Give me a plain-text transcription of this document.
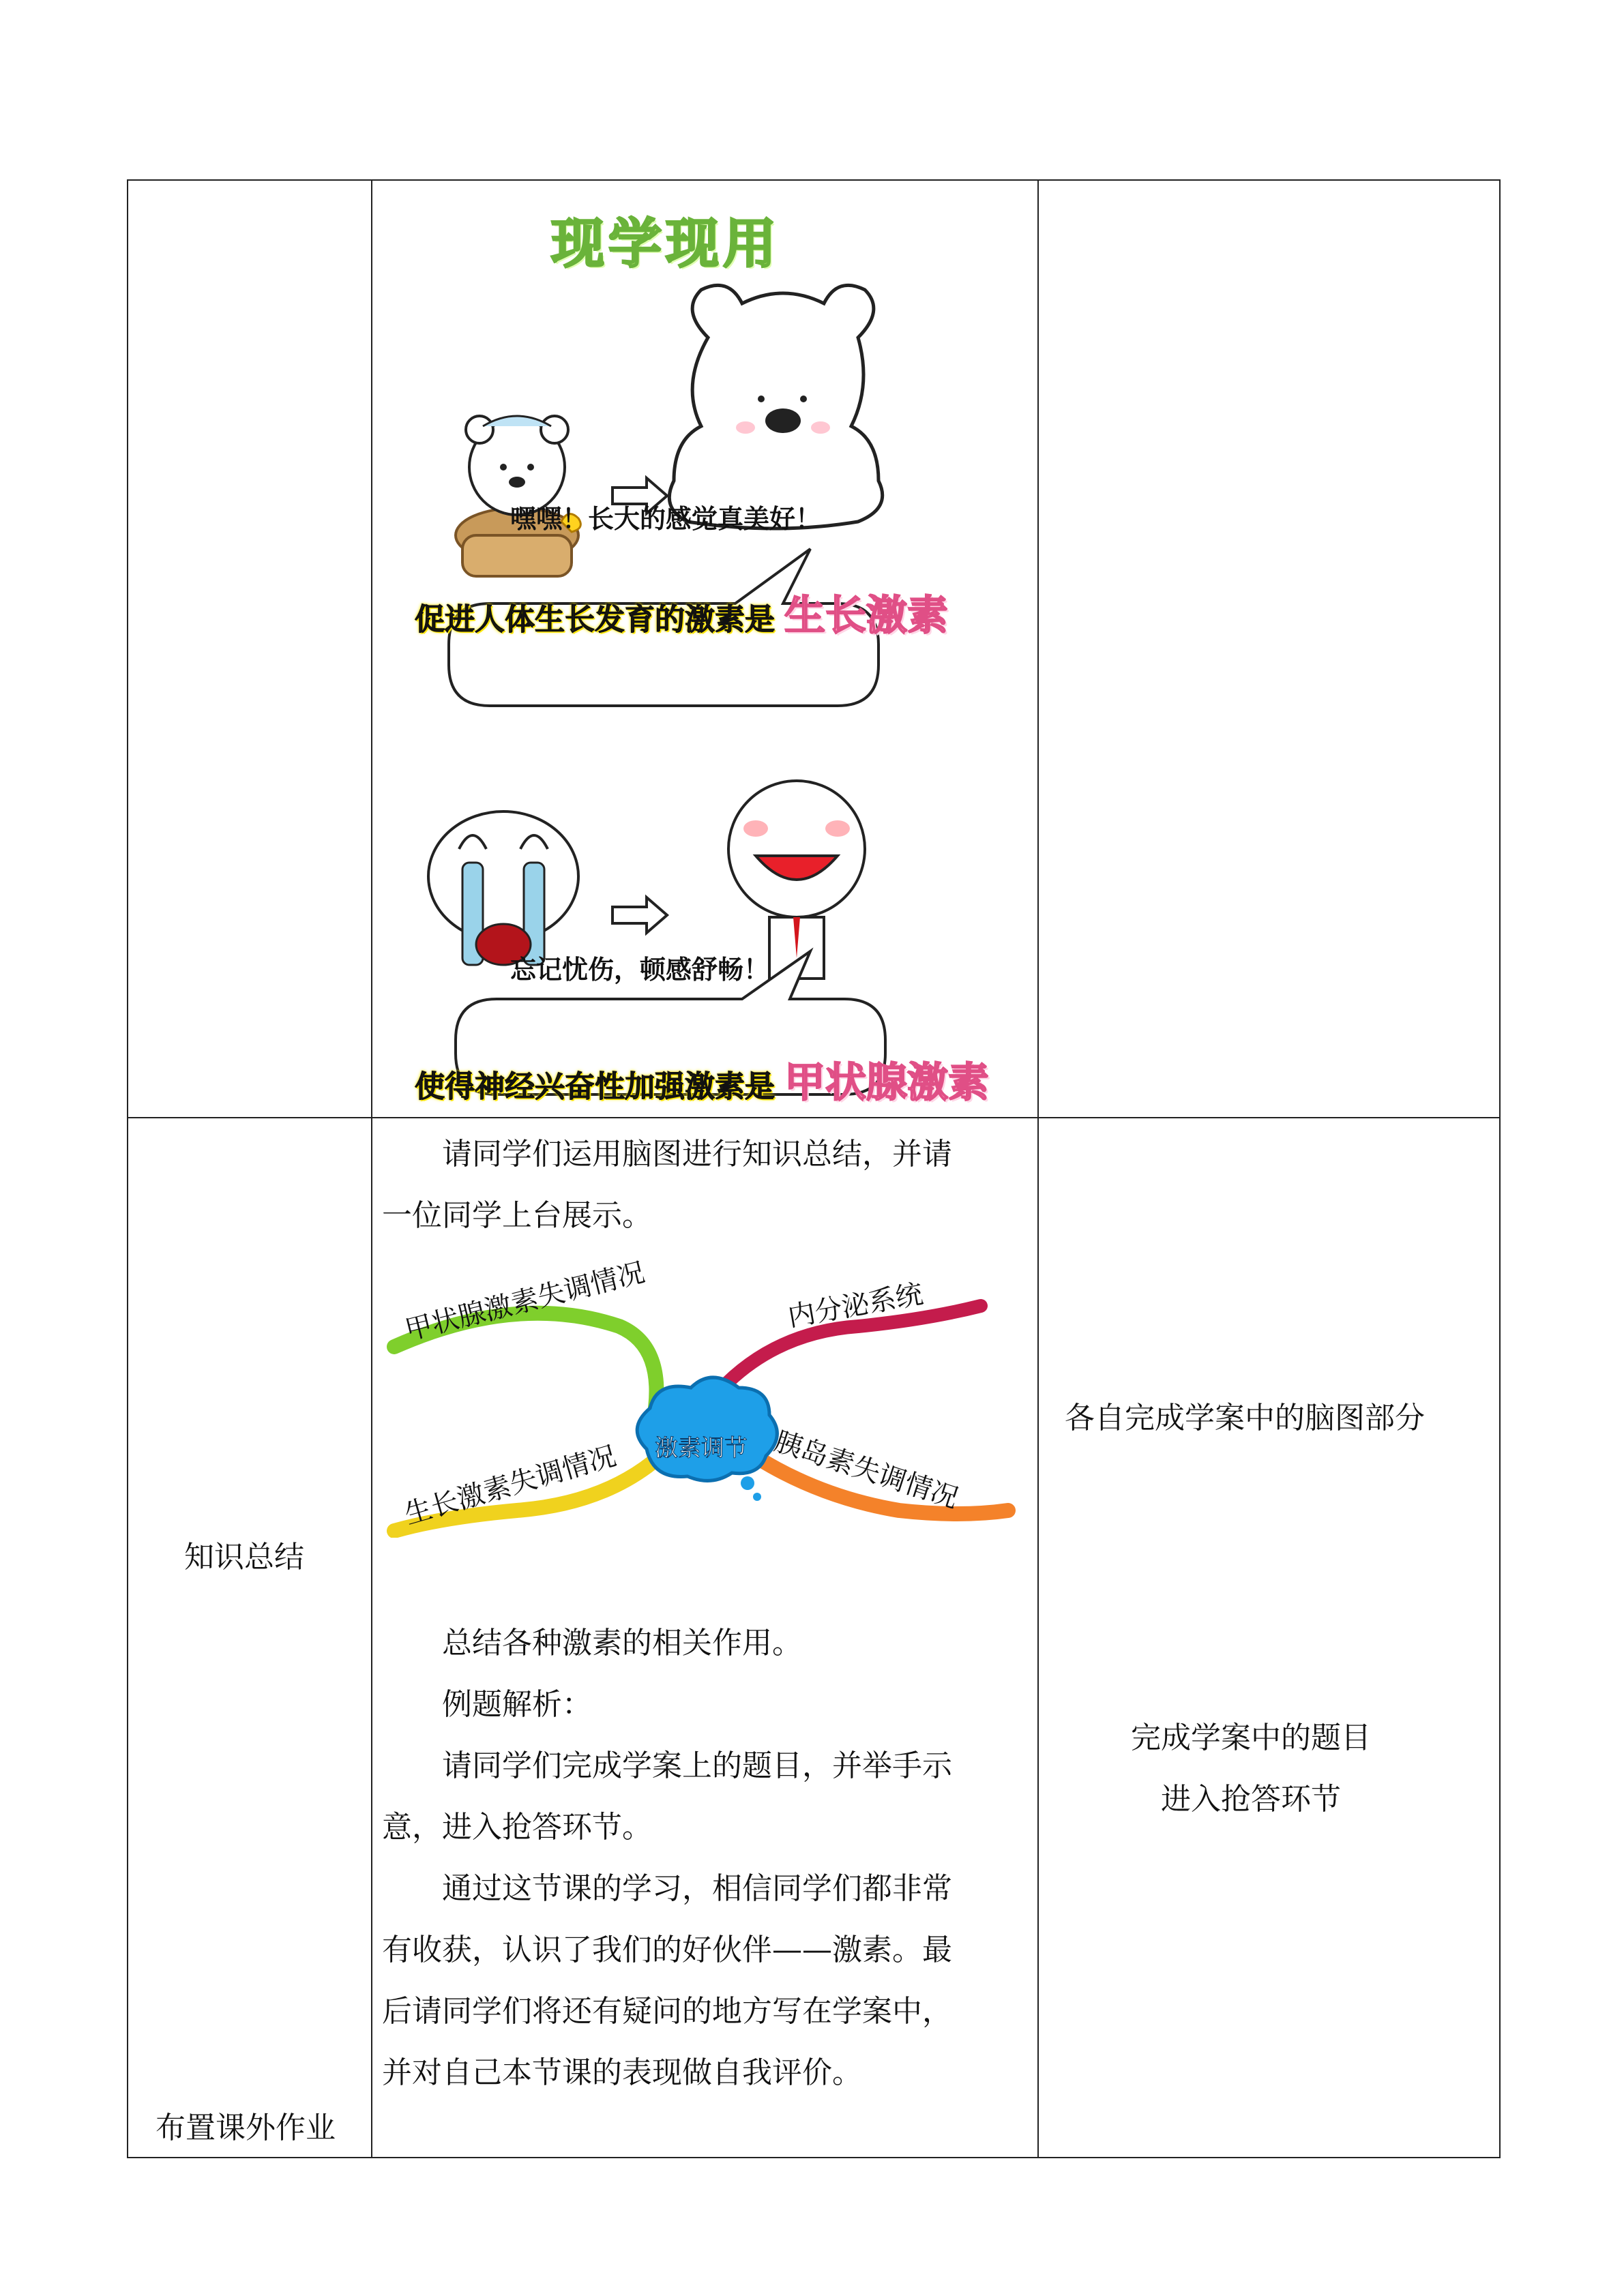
现学现用
嘿嘿！长大的感觉真美好！
促进人体生长发育的激素是 生长激素
忘记忧伤，顿感舒畅！
使得神经兴奋性加强激素是 甲状腺激素
知识总结
布置课外作业

请同学们运用脑图进行知识总结，并请

一位同学上台展示。

激素调节
甲状腺激素失调情况	内分泌系统
生长激素失调情况	胰岛素失调情况

总结各种激素的相关作用。

例题解析：

请同学们完成学案上的题目，并举手示

意，进入抢答环节。

通过这节课的学习，相信同学们都非常

有收获，认识了我们的好伙伴——激素。最

后请同学们将还有疑问的地方写在学案中，

并对自己本节课的表现做自我评价。

各自完成学案中的脑图部分
完成学案中的题目
进入抢答环节
